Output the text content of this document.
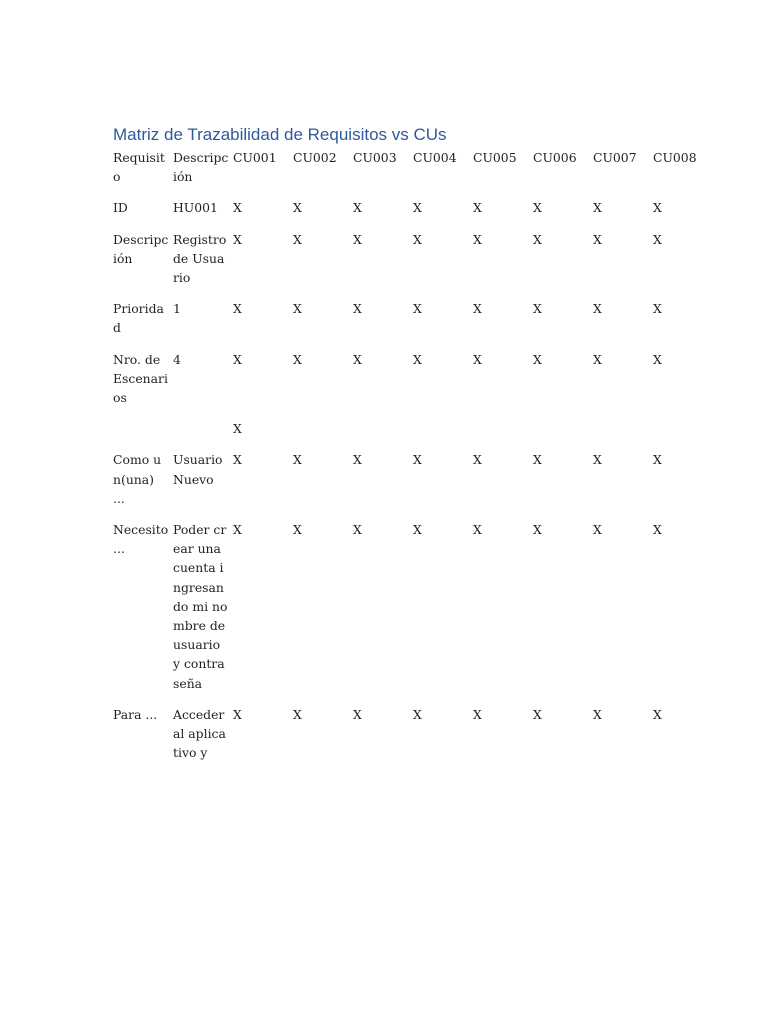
Matriz de Trazabilidad de Requisitos vs CUs
Requisito	Descripción	CU001	CU002	CU003	CU004	CU005	CU006	CU007	CU008

ID	HU001	X	X	X	X	X	X	X	X

Descripción	Registro de Usuario	X	X	X	X	X	X	X	X

Prioridad	1	X	X	X	X	X	X	X	X

Nro. de Escenarios	4	X	X	X	X	X	X	X	X

		X							

Como un(una) ...	Usuario Nuevo	X	X	X	X	X	X	X	X

Necesito ...	Poder crear una cuenta ingresando mi nombre de usuario y contraseña	X	X	X	X	X	X	X	X

Para ...	Acceder al aplicativo y	X	X	X	X	X	X	X	X
